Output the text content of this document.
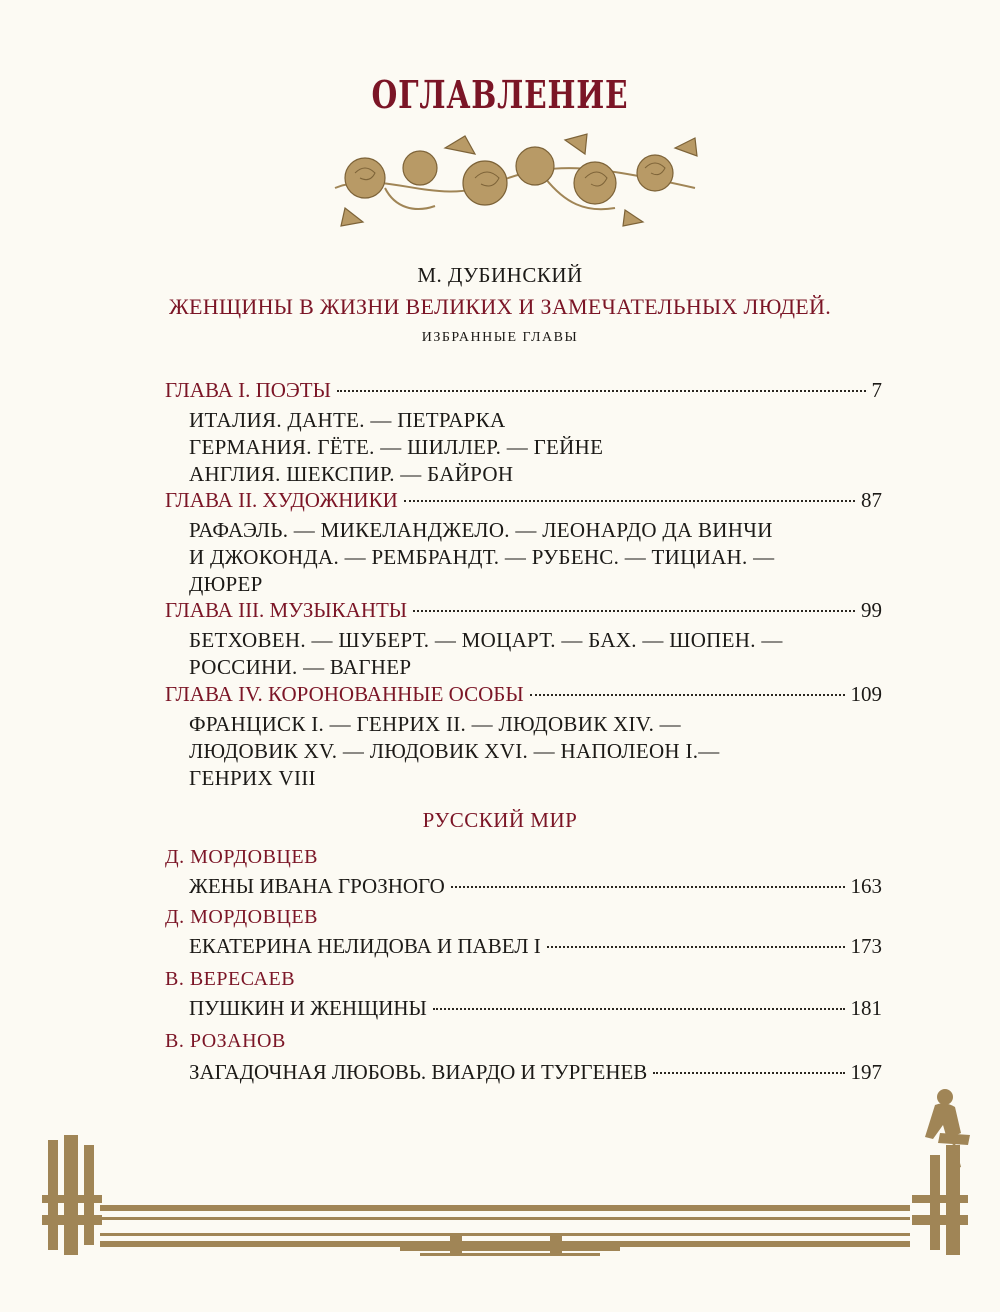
ОГЛАВЛЕНИЕ
М. ДУБИНСКИЙ
ЖЕНЩИНЫ В ЖИЗНИ ВЕЛИКИХ И ЗАМЕЧАТЕЛЬНЫХ ЛЮДЕЙ.
ИЗБРАННЫЕ ГЛАВЫ
ГЛАВА I. ПОЭТЫ	7
ИТАЛИЯ. ДАНТЕ. — ПЕТРАРКА
ГЕРМАНИЯ. ГЁТЕ. — ШИЛЛЕР. — ГЕЙНЕ
АНГЛИЯ. ШЕКСПИР. — БАЙРОН
ГЛАВА II. ХУДОЖНИКИ	87
РАФАЭЛЬ. — МИКЕЛАНДЖЕЛО. — ЛЕОНАРДО ДА ВИНЧИ
И ДЖОКОНДА. — РЕМБРАНДТ. — РУБЕНС. — ТИЦИАН. —
ДЮРЕР
ГЛАВА III. МУЗЫКАНТЫ	99
БЕТХОВЕН. — ШУБЕРТ. — МОЦАРТ. — БАХ. — ШОПЕН. —
РОССИНИ. — ВАГНЕР
ГЛАВА IV. КОРОНОВАННЫЕ ОСОБЫ	109
ФРАНЦИСК I. — ГЕНРИХ II. — ЛЮДОВИК XIV. —
ЛЮДОВИК XV. — ЛЮДОВИК XVI. — НАПОЛЕОН I.—
ГЕНРИХ VIII
РУССКИЙ МИР
Д. МОРДОВЦЕВ
ЖЕНЫ ИВАНА ГРОЗНОГО	163
Д. МОРДОВЦЕВ
ЕКАТЕРИНА НЕЛИДОВА И ПАВЕЛ I	173
В. ВЕРЕСАЕВ
ПУШКИН И ЖЕНЩИНЫ	181
В. РОЗАНОВ
ЗАГАДОЧНАЯ ЛЮБОВЬ. ВИАРДО И ТУРГЕНЕВ	197
